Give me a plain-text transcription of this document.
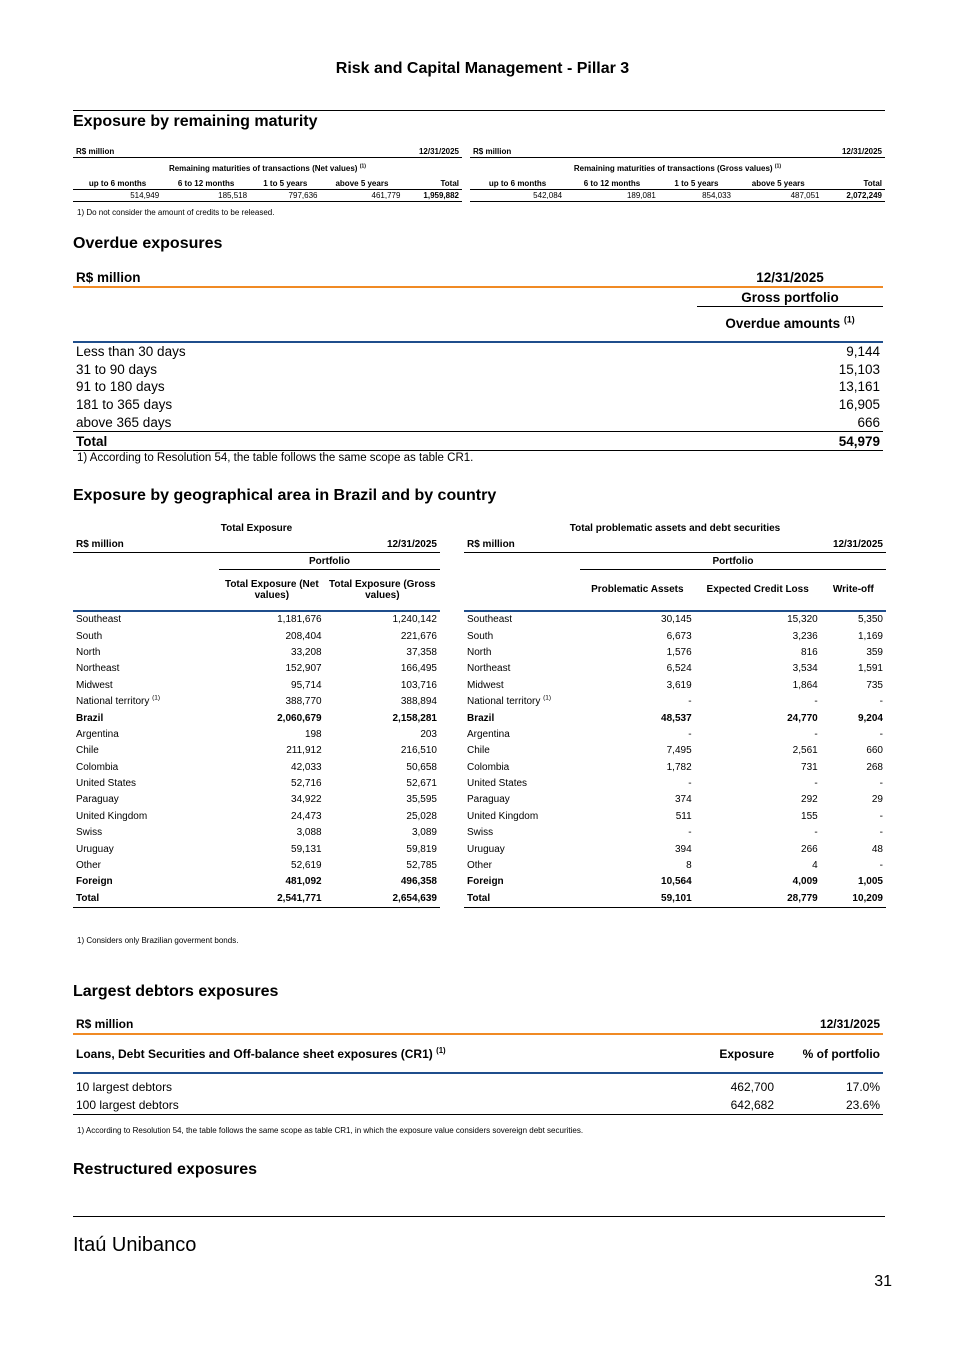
Risk and Capital Management - Pillar 3
Exposure by remaining maturity
R$ million			12/31/2025	
Remaining maturities of transactions (Net values) $^{(1)}$
up to 6 months	6 to 12 months	1 to 5 years	above 5 years	Total
514,949	185,518	797,636	461,779	1,959,882
R$ million			12/31/2025	
Remaining maturities of transactions (Gross values) $^{(1)}$
up to 6 months	6 to 12 months	1 to 5 years	above 5 years	Total
542,084	189,081	854,033	487,051	2,072,249
1) Do not consider the amount of credits to be released.
Overdue exposures
R$ million	12/31/2025
	Gross portfolio
	Overdue amounts $^{(1)}$
Less than 30 days	9,144
31 to 90 days	15,103
91 to 180 days	13,161
181 to 365 days	16,905
above 365 days	666
Total	54,979
1) According to Resolution 54, the table follows the same scope as table CR1.
Exposure by geographical area in Brazil and by country
Total Exposure		
R$ million		12/31/2025
	Portfolio	
	Total Exposure (Net values)	Total Exposure (Gross values)
Southeast	1,181,676	1,240,142
South	208,404	221,676
North	33,208	37,358
Northeast	152,907	166,495
Midwest	95,714	103,716
National territory $^{(1)}$	388,770	388,894
Brazil	2,060,679	2,158,281
Argentina	198	203
Chile	211,912	216,510
Colombia	42,033	50,658
United States	52,716	52,671
Paraguay	34,922	35,595
United Kingdom	24,473	25,028
Swiss	3,088	3,089
Uruguay	59,131	59,819
Other	52,619	52,785
Foreign	481,092	496,358
Total	2,541,771	2,654,639
Total problematic assets and debt securities			
R$ million			12/31/2025
	Portfolio		
	Problematic Assets	Expected Credit Loss	Write-off
Southeast	30,145	15,320	5,350
South	6,673	3,236	1,169
North	1,576	816	359
Northeast	6,524	3,534	1,591
Midwest	3,619	1,864	735
National territory $^{(1)}$	-	-	-
Brazil	48,537	24,770	9,204
Argentina	-	-	-
Chile	7,495	2,561	660
Colombia	1,782	731	268
United States	-	-	-
Paraguay	374	292	29
United Kingdom	511	155	-
Swiss	-	-	-
Uruguay	394	266	48
Other	8	4	-
Foreign	10,564	4,009	1,005
Total	59,101	28,779	10,209
1) Considers only Brazilian goverment bonds.
Largest debtors exposures
R$ million		12/31/2025
Loans, Debt Securities and Off-balance sheet exposures (CR1) $^{(1)}$	Exposure	% of portfolio
10 largest debtors	462,700	17.0%
100 largest debtors	642,682	23.6%
1) According to Resolution 54, the table follows the same scope as table CR1, in which the exposure value considers sovereign debt securities.
Restructured exposures
Itaú Unibanco
31
